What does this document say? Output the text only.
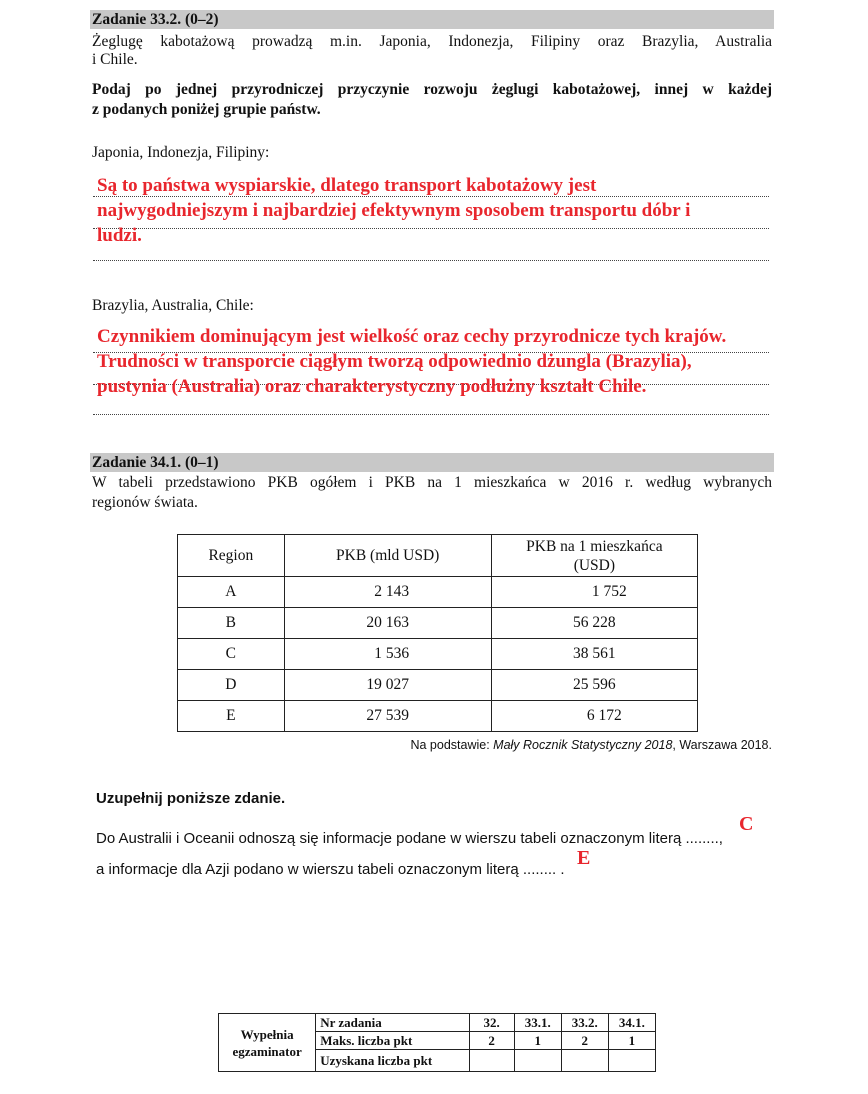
Zadanie 33.2. (0–2)
Żeglugę kabotażową prowadzą m.in. Japonia, Indonezja, Filipiny oraz Brazylia, Australia
i Chile.
Podaj po jednej przyrodniczej przyczynie rozwoju żeglugi kabotażowej, innej w każdej
z podanych poniżej grupie państw.
Japonia, Indonezja, Filipiny:
Są to państwa wyspiarskie, dlatego transport kabotażowy jest
najwygodniejszym i najbardziej efektywnym sposobem transportu dóbr i
ludzi.
Brazylia, Australia, Chile:
Czynnikiem dominującym jest wielkość oraz cechy przyrodnicze tych krajów.
Trudności w transporcie ciągłym tworzą odpowiednio dżungla (Brazylia),
pustynia (Australia) oraz charakterystyczny podłużny kształt Chile.
Zadanie 34.1. (0–1)
W tabeli przedstawiono PKB ogółem i PKB na 1 mieszkańca w 2016 r. według wybranych
regionów świata.
Region	PKB (mld USD)	PKB na 1 mieszkańca
(USD)
A	2 143	1 752
B	20 163	56 228
C	1 536	38 561
D	19 027	25 596
E	27 539	6 172
Na podstawie: Mały Rocznik Statystyczny 2018, Warszawa 2018.
Uzupełnij poniższe zdanie.
Do Australii i Oceanii odnoszą się informacje podane w wierszu tabeli oznaczonym literą ........,
a informacje dla Azji podano w wierszu tabeli oznaczonym literą ........ .
C
E
Wypełnia
egzaminator	Nr zadania	32.	33.1.	33.2.	34.1.
	Maks. liczba pkt	2	1	2	1
	Uzyskana liczba pkt				
